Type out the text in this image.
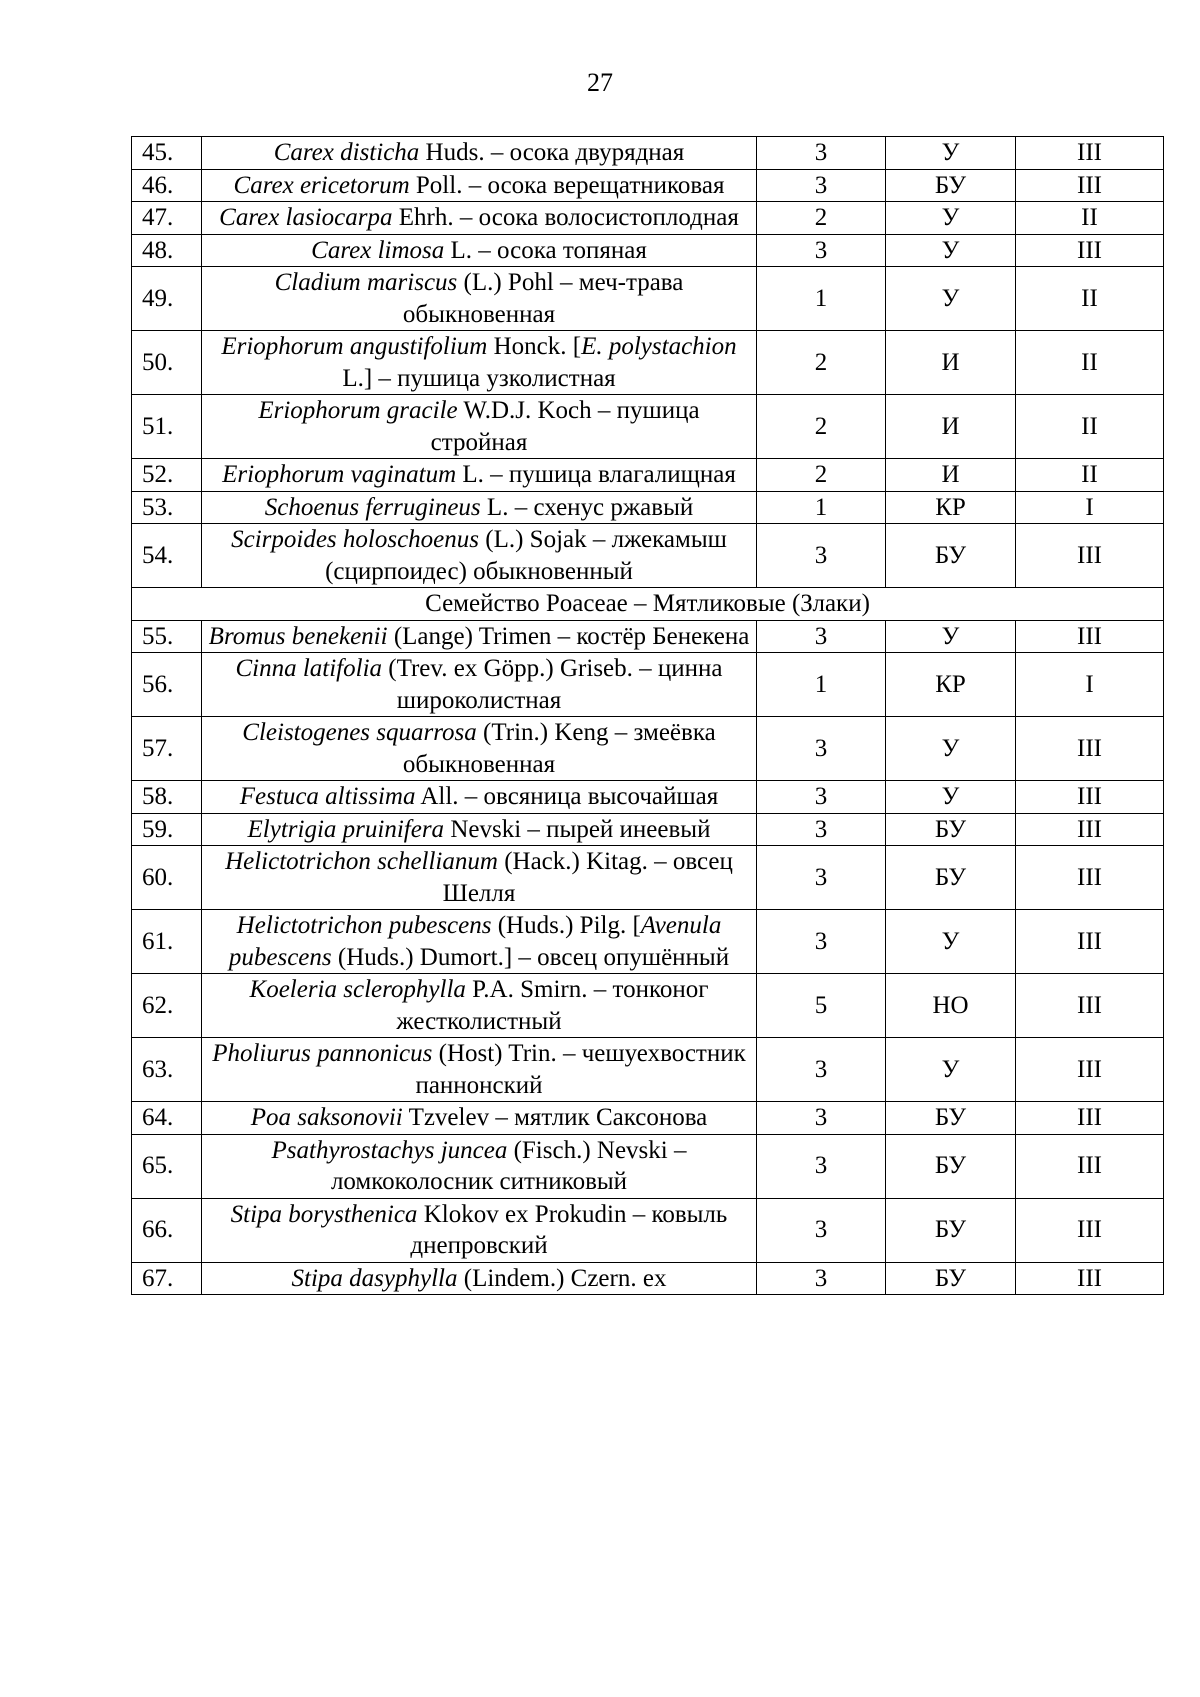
27
45.	Carex disticha Huds. – осока двурядная	3	У	III
46.	Carex ericetorum Poll. – осока верещатниковая	3	БУ	III
47.	Carex lasiocarpa Ehrh. – осока волосистоплодная	2	У	II
48.	Carex limosa L. – осока топяная	3	У	III
49.	Cladium mariscus (L.) Pohl – меч-трава обыкновенная	1	У	II
50.	Eriophorum angustifolium Honck. [E. polystachion L.] – пушица узколистная	2	И	II
51.	Eriophorum gracile W.D.J. Koch – пушица стройная	2	И	II
52.	Eriophorum vaginatum L. – пушица влагалищная	2	И	II
53.	Schoenus ferrugineus L. – схенус ржавый	1	КР	I
54.	Scirpoides holoschoenus (L.) Sojak – лжекамыш (сцирпоидес) обыкновенный	3	БУ	III
Семейство Poaceae – Мятликовые (Злаки)				
55.	Bromus benekenii (Lange) Trimen – костёр Бенекена	3	У	III
56.	Cinna latifolia (Trev. ex Göpp.) Griseb. – цинна широколистная	1	КР	I
57.	Cleistogenes squarrosa (Trin.) Keng – змеёвка обыкновенная	3	У	III
58.	Festuca altissima All. – овсяница высочайшая	3	У	III
59.	Elytrigia pruinifera Nevski – пырей инеевый	3	БУ	III
60.	Helictotrichon schellianum (Hack.) Kitag. – овсец Шелля	3	БУ	III
61.	Helictotrichon pubescens (Huds.) Pilg. [Avenula pubescens (Huds.) Dumort.] – овсец опушённый	3	У	III
62.	Koeleria sclerophylla P.A. Smirn. – тонконог жестколистный	5	НО	III
63.	Pholiurus pannonicus (Host) Trin. – чешуехвостник паннонский	3	У	III
64.	Poa saksonovii Tzvelev – мятлик Саксонова	3	БУ	III
65.	Psathyrostachys juncea (Fisch.) Nevski – ломкоколосник ситниковый	3	БУ	III
66.	Stipa borysthenica Klokov ex Prokudin – ковыль днепровский	3	БУ	III
67.	Stipa dasyphylla (Lindem.) Czern. ex	3	БУ	III
